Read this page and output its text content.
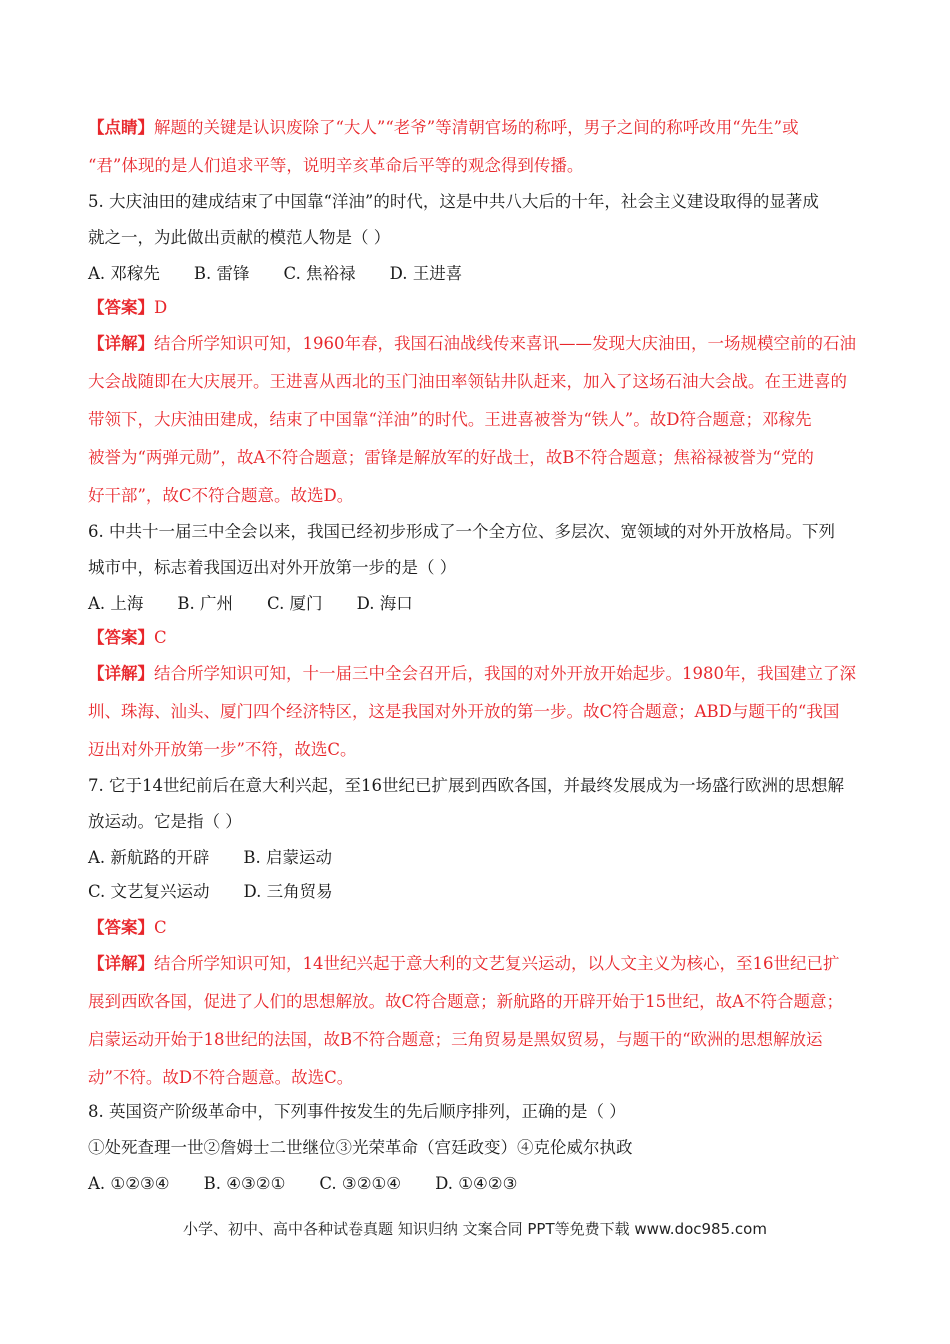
【点睛】解题的关键是认识废除了“大人”“老爷”等清朝官场的称呼，男子之间的称呼改用“先生”或
“君”体现的是人们追求平等，说明辛亥革命后平等的观念得到传播。
5. 大庆油田的建成结束了中国靠“洋油”的时代，这是中共八大后的十年，社会主义建设取得的显著成
就之一，为此做出贡献的模范人物是（ ）
A. 邓稼先 B. 雷锋 C. 焦裕禄 D. 王进喜
【答案】D
【详解】结合所学知识可知，1960年春，我国石油战线传来喜讯——发现大庆油田，一场规模空前的石油
大会战随即在大庆展开。王进喜从西北的玉门油田率领钻井队赶来，加入了这场石油大会战。在王进喜的
带领下，大庆油田建成，结束了中国靠“洋油”的时代。王进喜被誉为“铁人”。故D符合题意；邓稼先
被誉为“两弹元勋”，故A不符合题意；雷锋是解放军的好战士，故B不符合题意；焦裕禄被誉为“党的
好干部”，故C不符合题意。故选D。
6. 中共十一届三中全会以来，我国已经初步形成了一个全方位、多层次、宽领域的对外开放格局。下列
城市中，标志着我国迈出对外开放第一步的是（ ）
A. 上海 B. 广州 C. 厦门 D. 海口
【答案】C
【详解】结合所学知识可知，十一届三中全会召开后，我国的对外开放开始起步。1980年，我国建立了深
圳、珠海、汕头、厦门四个经济特区，这是我国对外开放的第一步。故C符合题意；ABD与题干的“我国
迈出对外开放第一步”不符，故选C。
7. 它于14世纪前后在意大利兴起，至16世纪已扩展到西欧各国，并最终发展成为一场盛行欧洲的思想解
放运动。它是指（ ）
A. 新航路的开辟 B. 启蒙运动
C. 文艺复兴运动 D. 三角贸易
【答案】C
【详解】结合所学知识可知，14世纪兴起于意大利的文艺复兴运动，以人文主义为核心，至16世纪已扩
展到西欧各国，促进了人们的思想解放。故C符合题意；新航路的开辟开始于15世纪，故A不符合题意；
启蒙运动开始于18世纪的法国，故B不符合题意；三角贸易是黑奴贸易，与题干的“欧洲的思想解放运
动”不符。故D不符合题意。故选C。
8. 英国资产阶级革命中，下列事件按发生的先后顺序排列，正确的是（ ）
①处死查理一世②詹姆士二世继位③光荣革命（宫廷政变）④克伦威尔执政
A. ①②③④ B. ④③②① C. ③②①④ D. ①④②③
小学、初中、高中各种试卷真题 知识归纳 文案合同 PPT等免费下载 www.doc985.com
